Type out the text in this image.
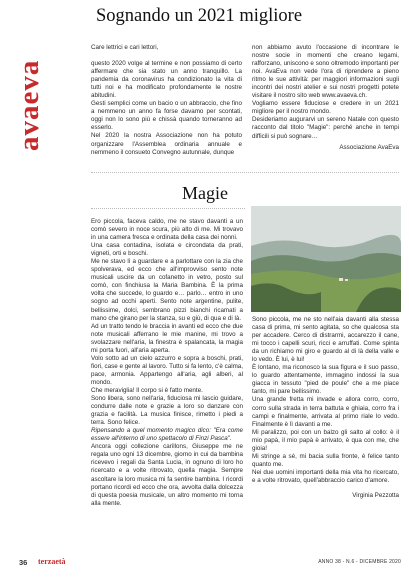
avaeva
Sognando un 2021 migliore

Care lettrici e cari lettori,

questo 2020 volge al termine e non possiamo di certo affermare che sia stato un anno tranquillo. La pandemia da coronavirus ha condizionato la vita di tutti noi e ha modificato profondamente le nostre abitudini.

Gesti semplici come un bacio o un abbraccio, che fino a nemmeno un anno fa forse davamo per scontati, oggi non lo sono più e chissà quando torneranno ad esserlo.

Nel 2020 la nostra Associazione non ha potuto organizzare l'Assemblea ordinaria annuale e nemmeno il consueto Convegno autunnale, dunque

non abbiamo avuto l'occasione di incontrare le nostre socie in momenti che creano legami, rafforzano, uniscono e sono oltremodo importanti per noi. AvaEva non vede l'ora di riprendere a pieno ritmo le sue attività: per maggiori informazioni sugli incontri dei nostri atelier e sui nostri progetti potete visitare il nostro sito web www.avaeva.ch.

Vogliamo essere fiduciose e credere in un 2021 migliore per il nostro mondo.

Desideriamo augurarvi un sereno Natale con questo racconto dal titolo "Magie": perché anche in tempi difficili si può sognare…

Associazione AvaEva

Magie

Ero piccola, faceva caldo, me ne stavo davanti a un comò severo in noce scura, più alto di me. Mi trovavo in una camera fresca e ordinata della casa dei nonni.

Una casa contadina, isolata e circondata da prati, vigneti, orti e boschi.

Me ne stavo lì a guardare e a parlottare con la zia che spolverava, ed ecco che all'improvviso sento note musicali uscire da un cofanetto in vetro, posto sul comò, con finchiusa la Maria Bambina. È la prima volta che succede, lo guardo e… parlo… entro in uno sogno ad occhi aperti. Sento note argentine, pulite, bellissime, dolci, sembrano pizzi bianchi ricamati a mano che girano per la stanza, su e giù, di qua e di là.

Ad un tratto tendo le braccia in avanti ed ecco che due note musicali afferrano le mie manine, mi trovo a svolazzare nell'aria, la finestra è spalancata, la magia mi porta fuori, all'aria aperta.

Volo sotto ad un cielo azzurro e sopra a boschi, prati, fiori, case e gente al lavoro. Tutto si fa lento, c'è calma, pace, armonia. Appartengo all'aria, agli alberi, al mondo.

Che meraviglia! Il corpo si è fatto mente.

Sono libera, sono nell'aria, fiduciosa mi lascio guidare, condurre dalle note e grazie a loro so danzare con grazia e facilità. La musica finisce, rimetto i piedi a terra. Sono felice.

Ripensando a quel momento magico dico: "Era come essere all'interno di uno spettacolo di Finzi Pasca".

Ancora oggi collezione carillons, Giuseppe me ne regala uno ogni 13 dicembre, giorno in cui da bambina ricevevo i regali da Santa Lucia, in ognuno di loro ho ricercato e a volte ritrovato, quella magia. Sempre ascoltare la loro musica mi fa sentire bambina. I ricordi portano ricordi ed ecco che ora, avvolta dalla dolcezza di questa poesia musicale, un altro momento mi torna alla mente.

Sono piccola, me ne sto nell'aia davanti alla stessa casa di prima, mi sento agitata, so che qualcosa sta per accadere. Cerco di distrarmi, accarezzo il cane, mi tocco i capelli scuri, ricci e arruffati. Come spinta da un richiamo mi giro e guardo al di là della valle e lo vedo. È lui, è lui!

È lontano, ma riconosco la sua figura e il suo passo, lo guardo attentamente, immagino indossi la sua giacca in tessuto "pied de poule" che a me piace tanto, mi pare bellissimo.

Una grande fretta mi invade e allora corro, corro, corro sulla strada in terra battuta e ghiaia, corro fra i campi e finalmente, arrivata al primo riale lo vedo. Finalmente è lì davanti a me.

Mi paralizzo, poi con un balzo gli salto al collo: è il mio papà, il mio papà è arrivato, è qua con me, che gioia!

Mi stringe a sé, mi bacia sulla fronte, è felice tanto quanto me.

Nei due uomini importanti della mia vita ho ricercato, e a volte ritrovato, quell'abbraccio carico d'amore.

Virginia Pezzotta

36 terzaetà	ANNO 38 - N.6 - DICEMBRE 2020
